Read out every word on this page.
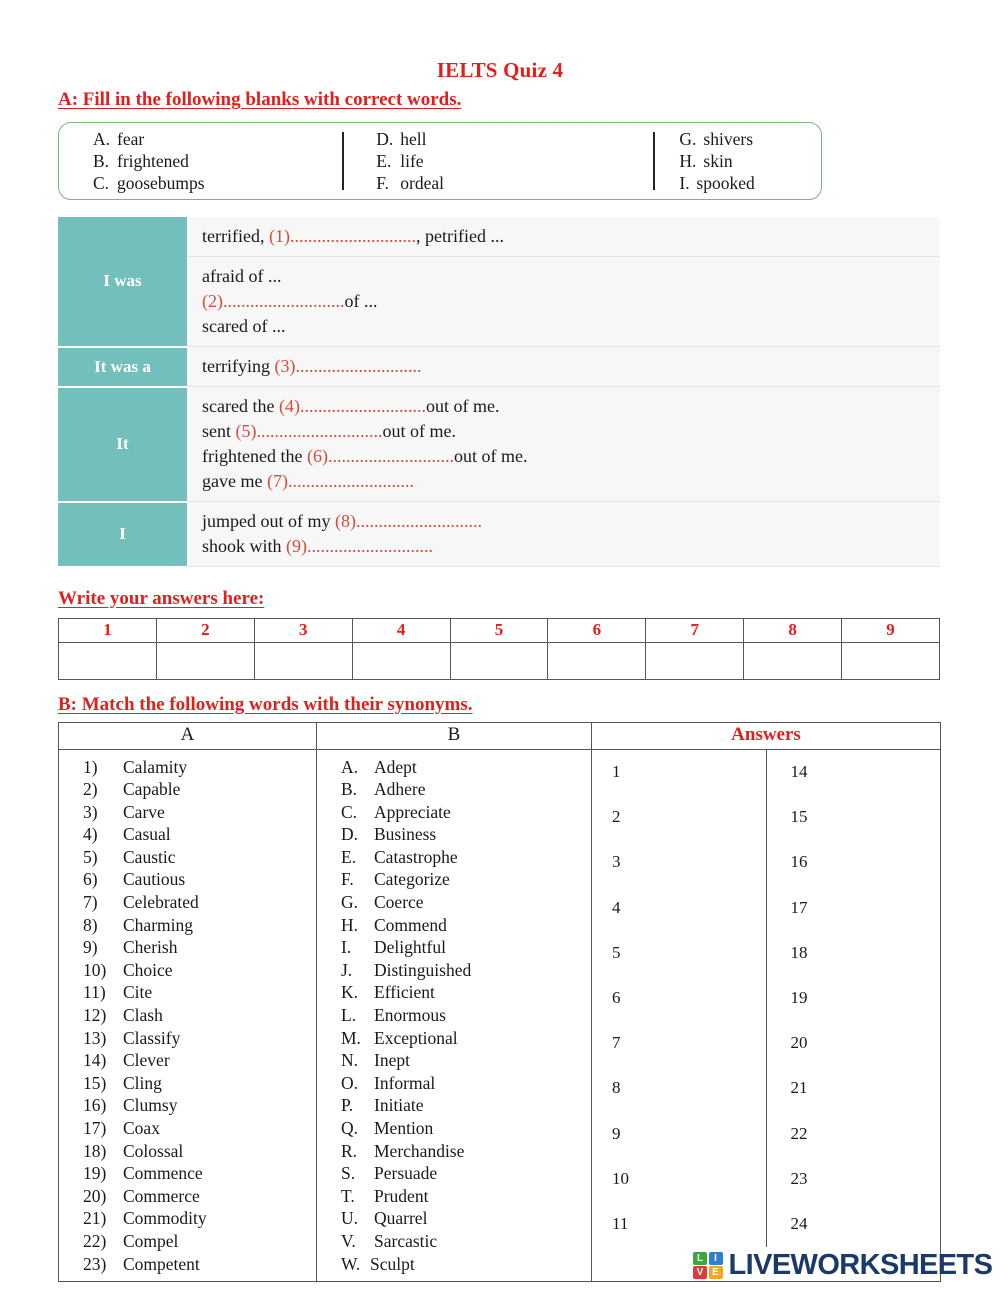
IELTS Quiz 4
A: Fill in the following blanks with correct words.
A. fear
B. frightened
C. goosebumps
D. hell
E. life
F. ordeal
G. shivers
H. skin
I. spooked
I was	terrified, (1)............................, petrified ...

	afraid of ...
(2)...........................of ...
scared of ...

It was a	terrifying (3)............................

It	scared the (4)............................out of me.
sent (5)............................out of me.
frightened the (6)............................out of me.
gave me (7)............................

I	jumped out of my (8)............................
shook with (9)............................
Write your answers here:
1	2	3	4	5	6	7	8	9

B: Match the following words with their synonyms.
A	B	Answers

1) Calamity
2) Capable
3) Carve
4) Casual
5) Caustic
6) Cautious
7) Celebrated
8) Charming
9) Cherish
10) Choice
11) Cite
12) Clash
13) Classify
14) Clever
15) Cling
16) Clumsy
17) Coax
18) Colossal
19) Commence
20) Commerce
21) Commodity
22) Compel
23) Competent

A. Adept
B. Adhere
C. Appreciate
D. Business
E. Catastrophe
F. Categorize
G. Coerce
H. Commend
I. Delightful
J. Distinguished
K. Efficient
L. Enormous
M. Exceptional
N. Inept
O. Informal
P. Initiate
Q. Mention
R. Merchandise
S. Persuade
T. Prudent
U. Quarrel
V. Sarcastic
W. Sculpt

1	14
2	15
3	16
4	17
5	18
6	19
7	20
8	21
9	22
10	23
11	24
L	I
V E LIVEWORKSHEETS
